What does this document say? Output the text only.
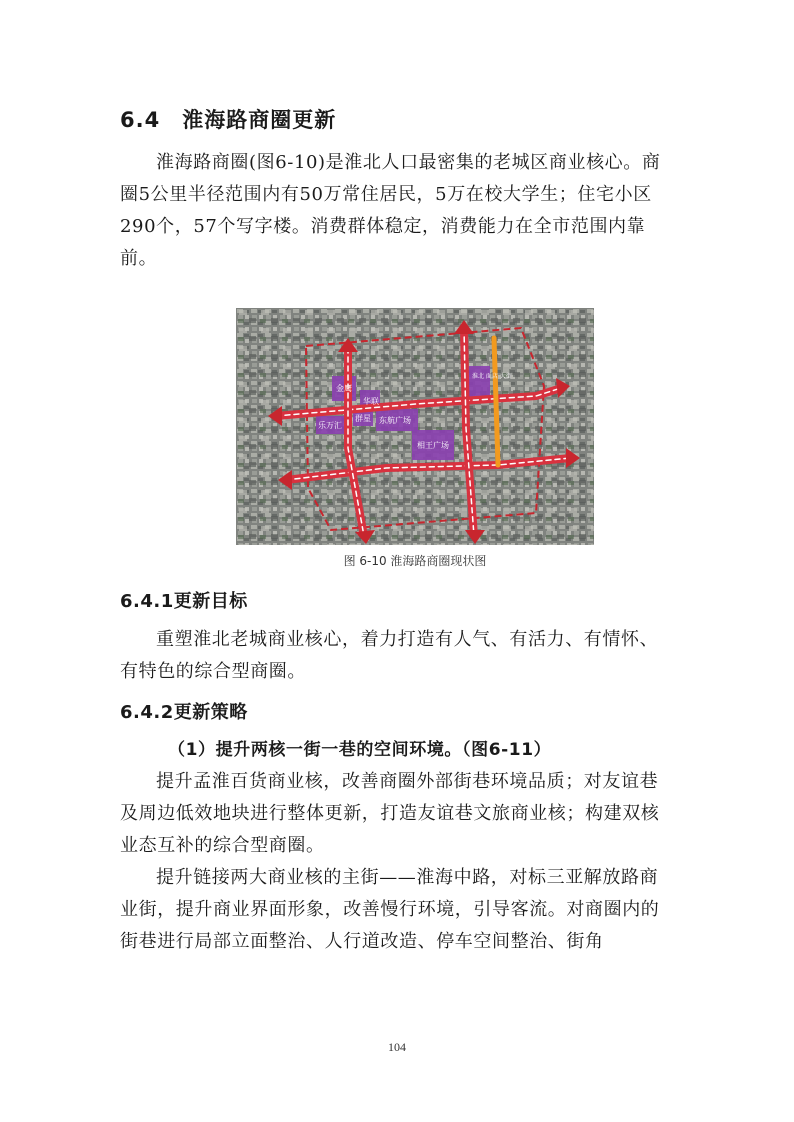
6.4 淮海路商圈更新

淮海路商圈(图6-10)是淮北人口最密集的老城区商业核心。商圈5公里半径范围内有50万常住居民，5万在校大学生；住宅小区290个，57个写字楼。消费群体稳定，消费能力在全市范围内靠前。

金鹰
华联
乐万汇
群星 东航广场
相王广场
淮北 面店 大街
图 6-10 淮海路商圈现状图
6.4.1更新目标

重塑淮北老城商业核心，着力打造有人气、有活力、有情怀、有特色的综合型商圈。

6.4.2更新策略
（1）提升两核一街一巷的空间环境。（图6-11）

提升孟淮百货商业核，改善商圈外部街巷环境品质；对友谊巷及周边低效地块进行整体更新，打造友谊巷文旅商业核；构建双核业态互补的综合型商圈。

提升链接两大商业核的主街——淮海中路，对标三亚解放路商业街，提升商业界面形象，改善慢行环境，引导客流。对商圈内的街巷进行局部立面整治、人行道改造、停车空间整治、街角

104
